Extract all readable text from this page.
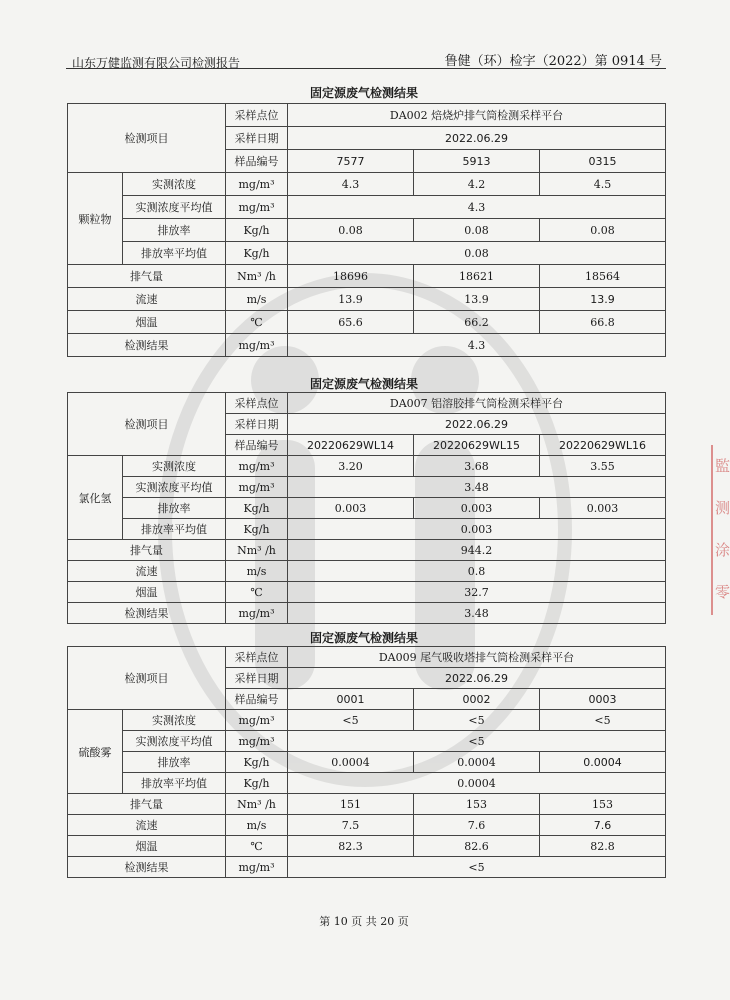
山东万健监测有限公司检测报告	鲁健（环）检字（2022）第 0914 号
固定源废气检测结果
检测项目		采样点位	DA002 焙烧炉排气筒检测采样平台		
		采样日期	2022.06.29		
		样品编号	7577	5913	0315
颗粒物	实测浓度	mg/m³	4.3	4.2	4.5
	实测浓度平均值	mg/m³	4.3		
	排放率	Kg/h	0.08	0.08	0.08
	排放率平均值	Kg/h	0.08		
排气量		Nm³ /h	18696	18621	18564
流速		m/s	13.9	13.9	13.9
烟温		℃	65.6	66.2	66.8
检测结果		mg/m³	4.3		
固定源废气检测结果
检测项目		采样点位	DA007 铝溶胶排气筒检测采样平台		
		采样日期	2022.06.29		
		样品编号	20220629WL14	20220629WL15	20220629WL16
氯化氢	实测浓度	mg/m³	3.20	3.68	3.55
	实测浓度平均值	mg/m³	3.48		
	排放率	Kg/h	0.003	0.003	0.003
	排放率平均值	Kg/h	0.003		
排气量		Nm³ /h	944.2		
流速		m/s	0.8		
烟温		℃	32.7		
检测结果		mg/m³	3.48		
固定源废气检测结果
检测项目		采样点位	DA009 尾气吸收塔排气筒检测采样平台		
		采样日期	2022.06.29		
		样品编号	0001	0002	0003
硫酸雾	实测浓度	mg/m³	<5	<5	<5
	实测浓度平均值	mg/m³	<5		
	排放率	Kg/h	0.0004	0.0004	0.0004
	排放率平均值	Kg/h	0.0004		
排气量		Nm³ /h	151	153	153
流速		m/s	7.5	7.6	7.6
烟温		℃	82.3	82.6	82.8
检测结果		mg/m³	<5		
第 10 页 共 20 页
監
测
涂
零
